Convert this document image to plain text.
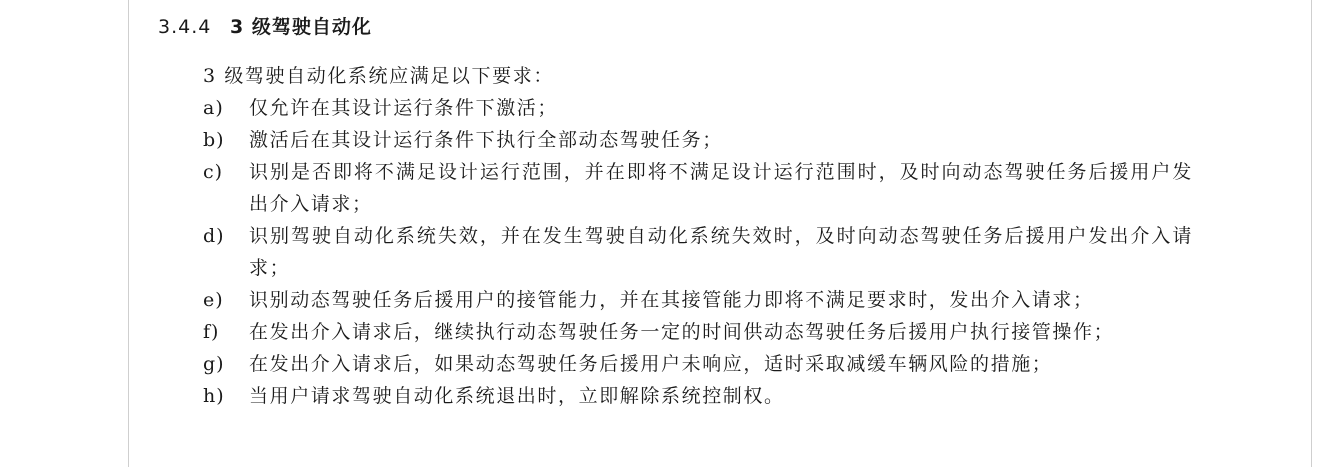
3.4.4 3 级驾驶自动化
3 级驾驶自动化系统应满足以下要求：
a) 仅允许在其设计运行条件下激活；
b) 激活后在其设计运行条件下执行全部动态驾驶任务；
c) 识别是否即将不满足设计运行范围，并在即将不满足设计运行范围时，及时向动态驾驶任务后援用户发出介入请求；
d) 识别驾驶自动化系统失效，并在发生驾驶自动化系统失效时，及时向动态驾驶任务后援用户发出介入请求；
e) 识别动态驾驶任务后援用户的接管能力，并在其接管能力即将不满足要求时，发出介入请求；
f) 在发出介入请求后，继续执行动态驾驶任务一定的时间供动态驾驶任务后援用户执行接管操作；
g) 在发出介入请求后，如果动态驾驶任务后援用户未响应，适时采取减缓车辆风险的措施；
h) 当用户请求驾驶自动化系统退出时，立即解除系统控制权。
